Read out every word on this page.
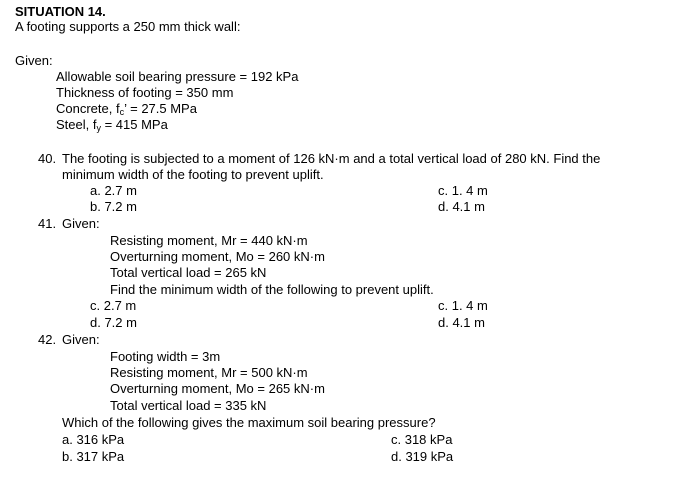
SITUATION 14.
A footing supports a 250 mm thick wall:
Given:
Allowable soil bearing pressure = 192 kPa
Thickness of footing = 350 mm
Concrete, $f_c$’ = 27.5 MPa
Steel, $f_y = 415$ MPa
40. The footing is subjected to a moment of 126 kN·m and a total vertical load of 280 kN. Find the
minimum width of the footing to prevent uplift.
a. 2.7 m	c. 1. 4 m
b. 7.2 m	d. 4.1 m
41. Given:
Resisting moment, Mr = 440 kN·m
Overturning moment, Mo = 260 kN·m
Total vertical load = 265 kN
Find the minimum width of the following to prevent uplift.
c. 2.7 m	c. 1. 4 m
d. 7.2 m	d. 4.1 m
42. Given:
Footing width = 3m
Resisting moment, Mr = 500 kN·m
Overturning moment, Mo = 265 kN·m
Total vertical load = 335 kN
Which of the following gives the maximum soil bearing pressure?
a. 316 kPa	c. 318 kPa
b. 317 kPa	d. 319 kPa
